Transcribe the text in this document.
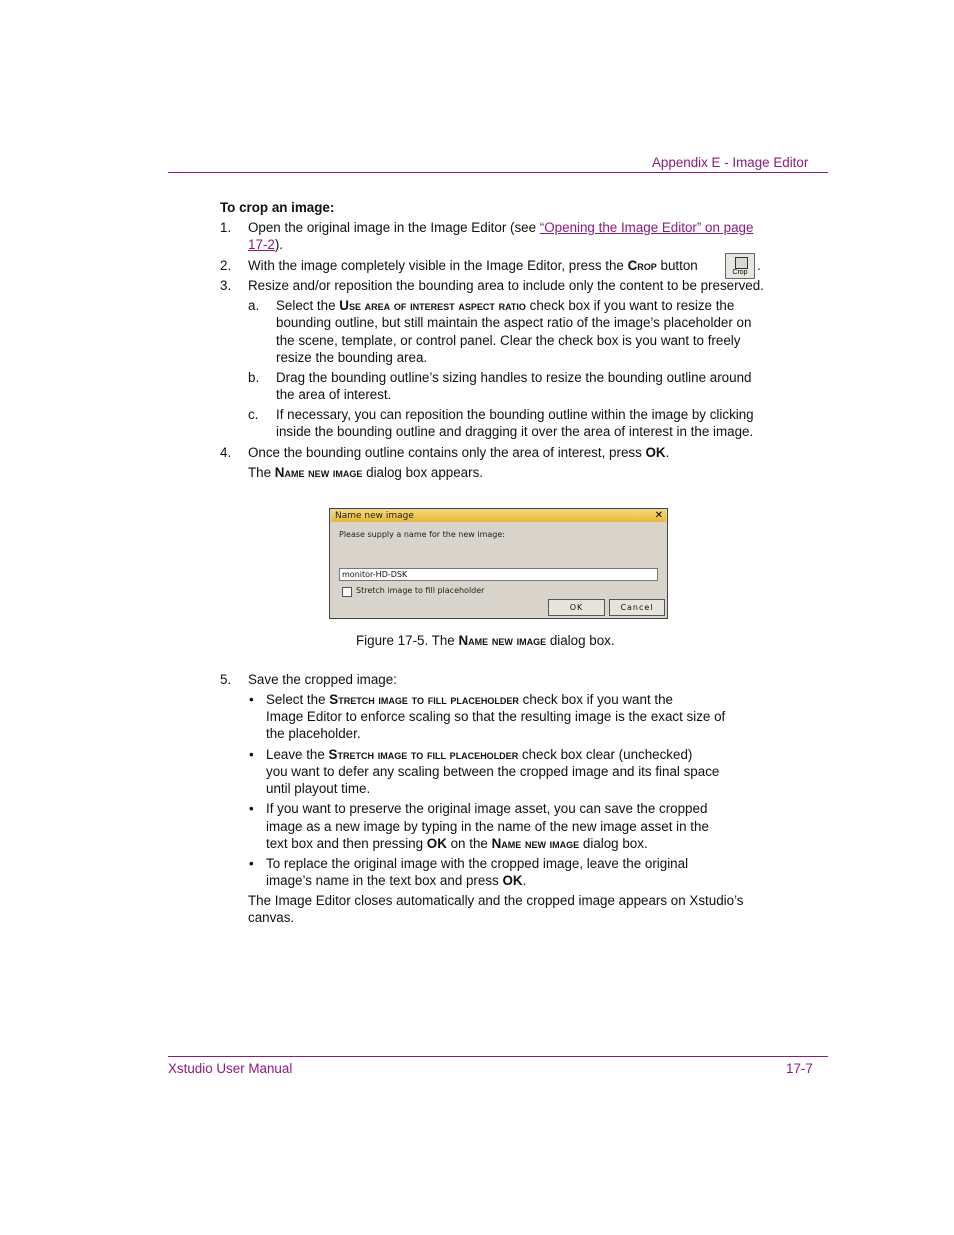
Appendix E - Image Editor
To crop an image:
1. Open the original image in the Image Editor (see “Opening the Image Editor” on page
17-2).
2. With the image completely visible in the Image Editor, press the Crop button	Crop .
3. Resize and/or reposition the bounding area to include only the content to be preserved.
a. Select the Use area of interest aspect ratio check box if you want to resize the
bounding outline, but still maintain the aspect ratio of the image’s placeholder on
the scene, template, or control panel. Clear the check box is you want to freely
resize the bounding area.
b. Drag the bounding outline’s sizing handles to resize the bounding outline around
the area of interest.
c. If necessary, you can reposition the bounding outline within the image by clicking
inside the bounding outline and dragging it over the area of interest in the image.
4. Once the bounding outline contains only the area of interest, press OK.
The Name new image dialog box appears.
Name new image	✕
Please supply a name for the new image:
monitor-HD-DSK
Stretch image to fill placeholder
OK	Cancel
Figure 17-5. The Name new image dialog box.
5. Save the cropped image:
• Select the Stretch image to fill placeholder check box if you want the
Image Editor to enforce scaling so that the resulting image is the exact size of
the placeholder.
• Leave the Stretch image to fill placeholder check box clear (unchecked)
you want to defer any scaling between the cropped image and its final space
until playout time.
• If you want to preserve the original image asset, you can save the cropped
image as a new image by typing in the name of the new image asset in the
text box and then pressing OK on the Name new image dialog box.
• To replace the original image with the cropped image, leave the original
image’s name in the text box and press OK.
The Image Editor closes automatically and the cropped image appears on Xstudio’s
canvas.
Xstudio User Manual	17-7
